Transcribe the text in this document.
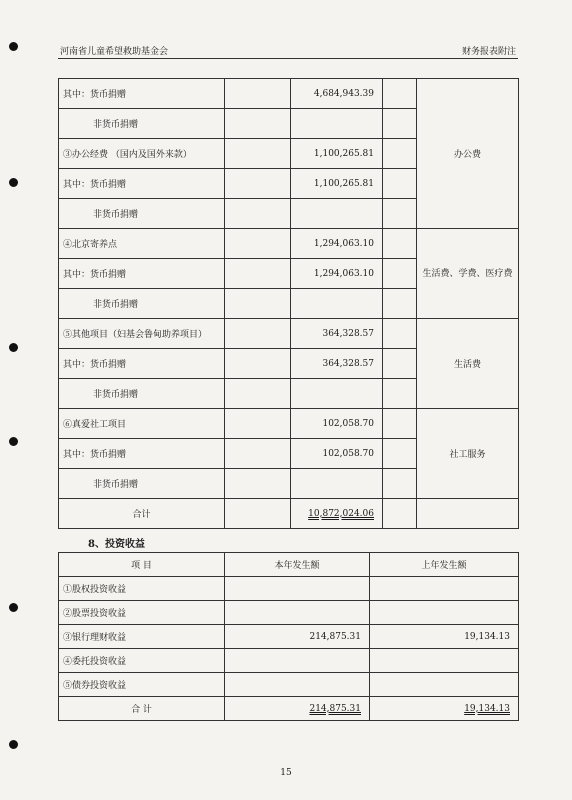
河南省儿童希望救助基金会	财务报表附注
其中：货币捐赠		4,684,943.39		办公费
非货币捐赠				
③办公经费 （国内及国外来款）		1,100,265.81		
其中：货币捐赠		1,100,265.81		
非货币捐赠				
④北京寄养点		1,294,063.10		生活费、学费、医疗费
其中：货币捐赠		1,294,063.10		
非货币捐赠				
⑤其他项目（妇基会鲁甸助养项目）		364,328.57		生活费
其中：货币捐赠		364,328.57		
非货币捐赠				
⑥真爱社工项目		102,058.70		社工服务
其中：货币捐赠		102,058.70		
非货币捐赠				
合计		10,872,024.06		
8、投资收益
项 目	本年发生额	上年发生额
①股权投资收益		
②股票投资收益		
③银行理财收益	214,875.31	19,134.13
④委托投资收益		
⑤债券投资收益		
合 计	214,875.31	19,134.13
15
